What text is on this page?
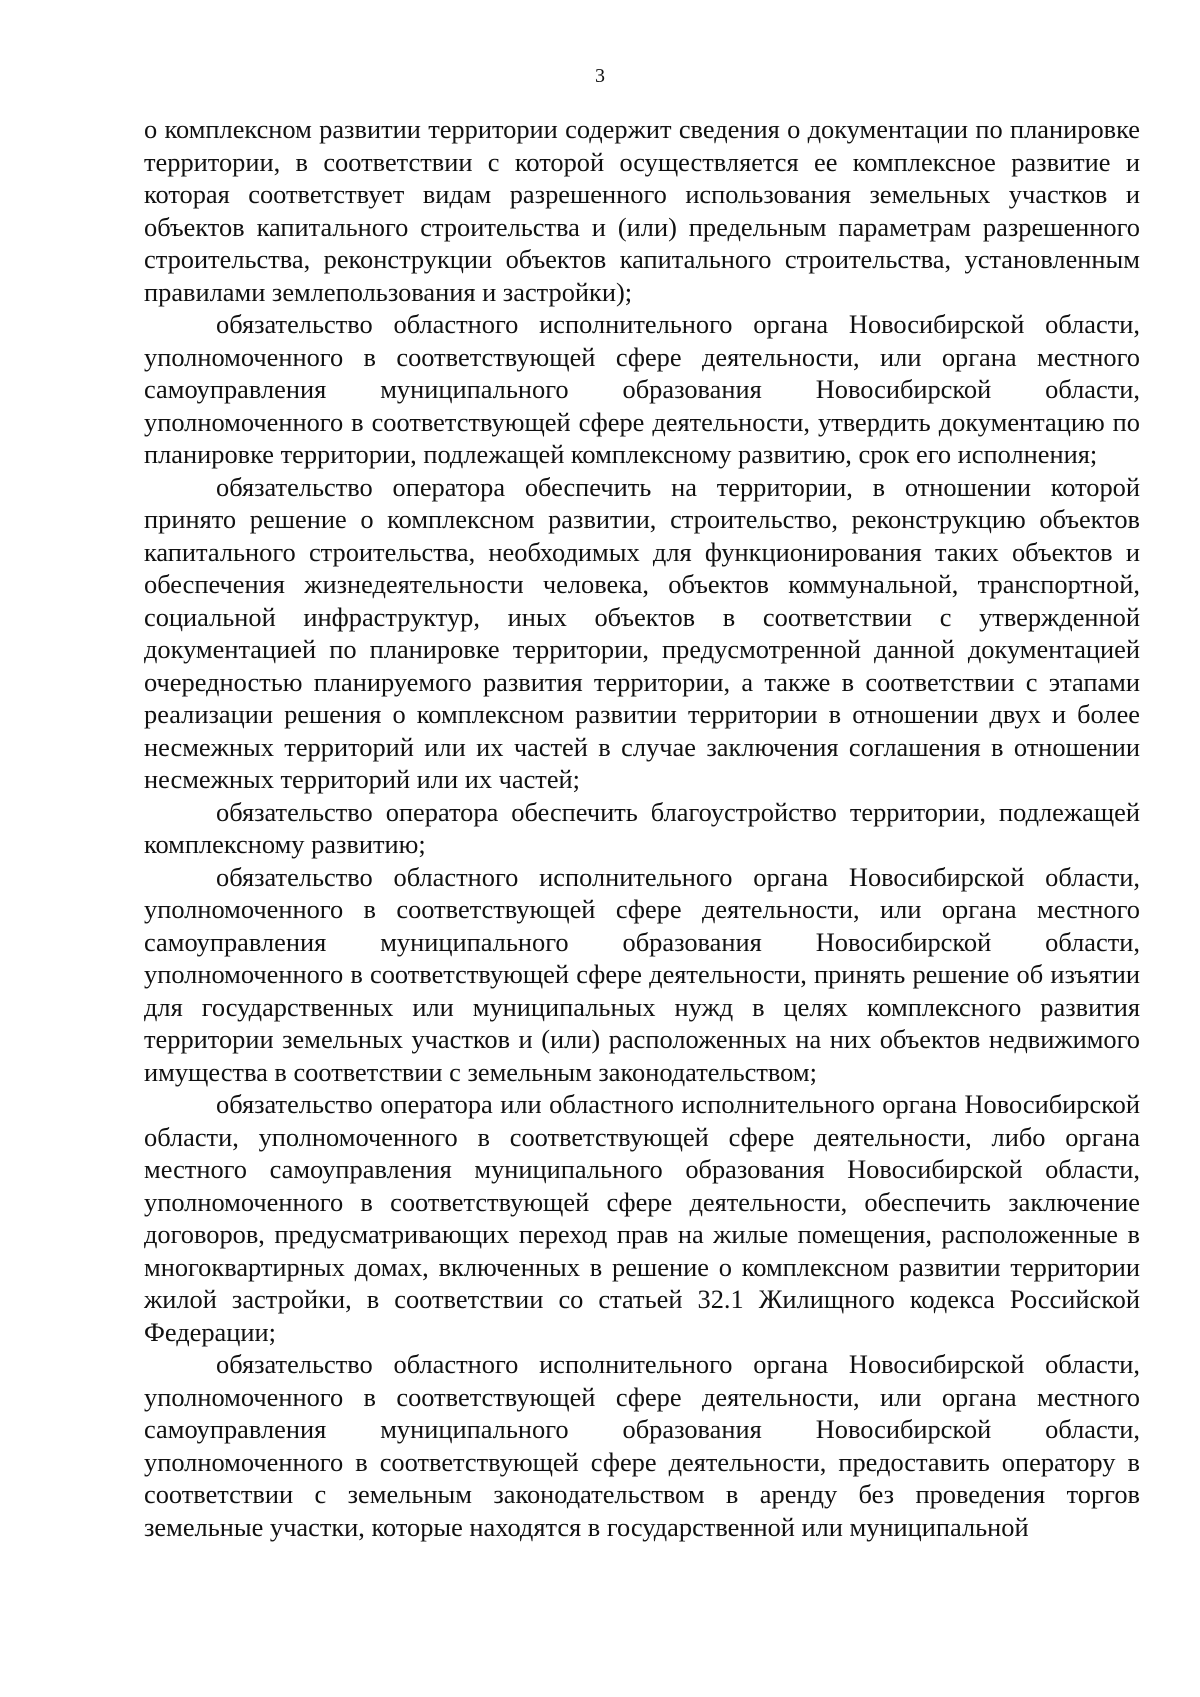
3

о комплексном развитии территории содержит сведения о документации по планировке территории, в соответствии с которой осуществляется ее комплексное развитие и которая соответствует видам разрешенного использования земельных участков и объектов капитального строительства и (или) предельным параметрам разрешенного строительства, реконструкции объектов капитального строительства, установленным правилами землепользования и застройки);

обязательство областного исполнительного органа Новосибирской области, уполномоченного в соответствующей сфере деятельности, или органа местного самоуправления муниципального образования Новосибирской области, уполномоченного в соответствующей сфере деятельности, утвердить документацию по планировке территории, подлежащей комплексному развитию, срок его исполнения;

обязательство оператора обеспечить на территории, в отношении которой принято решение о комплексном развитии, строительство, реконструкцию объектов капитального строительства, необходимых для функционирования таких объектов и обеспечения жизнедеятельности человека, объектов коммунальной, транспортной, социальной инфраструктур, иных объектов в соответствии с утвержденной документацией по планировке территории, предусмотренной данной документацией очередностью планируемого развития территории, а также в соответствии с этапами реализации решения о комплексном развитии территории в отношении двух и более несмежных территорий или их частей в случае заключения соглашения в отношении несмежных территорий или их частей;

обязательство оператора обеспечить благоустройство территории, подлежащей комплексному развитию;

обязательство областного исполнительного органа Новосибирской области, уполномоченного в соответствующей сфере деятельности, или органа местного самоуправления муниципального образования Новосибирской области, уполномоченного в соответствующей сфере деятельности, принять решение об изъятии для государственных или муниципальных нужд в целях комплексного развития территории земельных участков и (или) расположенных на них объектов недвижимого имущества в соответствии с земельным законодательством;

обязательство оператора или областного исполнительного органа Новосибирской области, уполномоченного в соответствующей сфере деятельности, либо органа местного самоуправления муниципального образования Новосибирской области, уполномоченного в соответствующей сфере деятельности, обеспечить заключение договоров, предусматривающих переход прав на жилые помещения, расположенные в многоквартирных домах, включенных в решение о комплексном развитии территории жилой застройки, в соответствии со статьей 32.1 Жилищного кодекса Российской Федерации;

обязательство областного исполнительного органа Новосибирской области, уполномоченного в соответствующей сфере деятельности, или органа местного самоуправления муниципального образования Новосибирской области, уполномоченного в соответствующей сфере деятельности, предоставить оператору в соответствии с земельным законодательством в аренду без проведения торгов земельные участки, которые находятся в государственной или муниципальной
